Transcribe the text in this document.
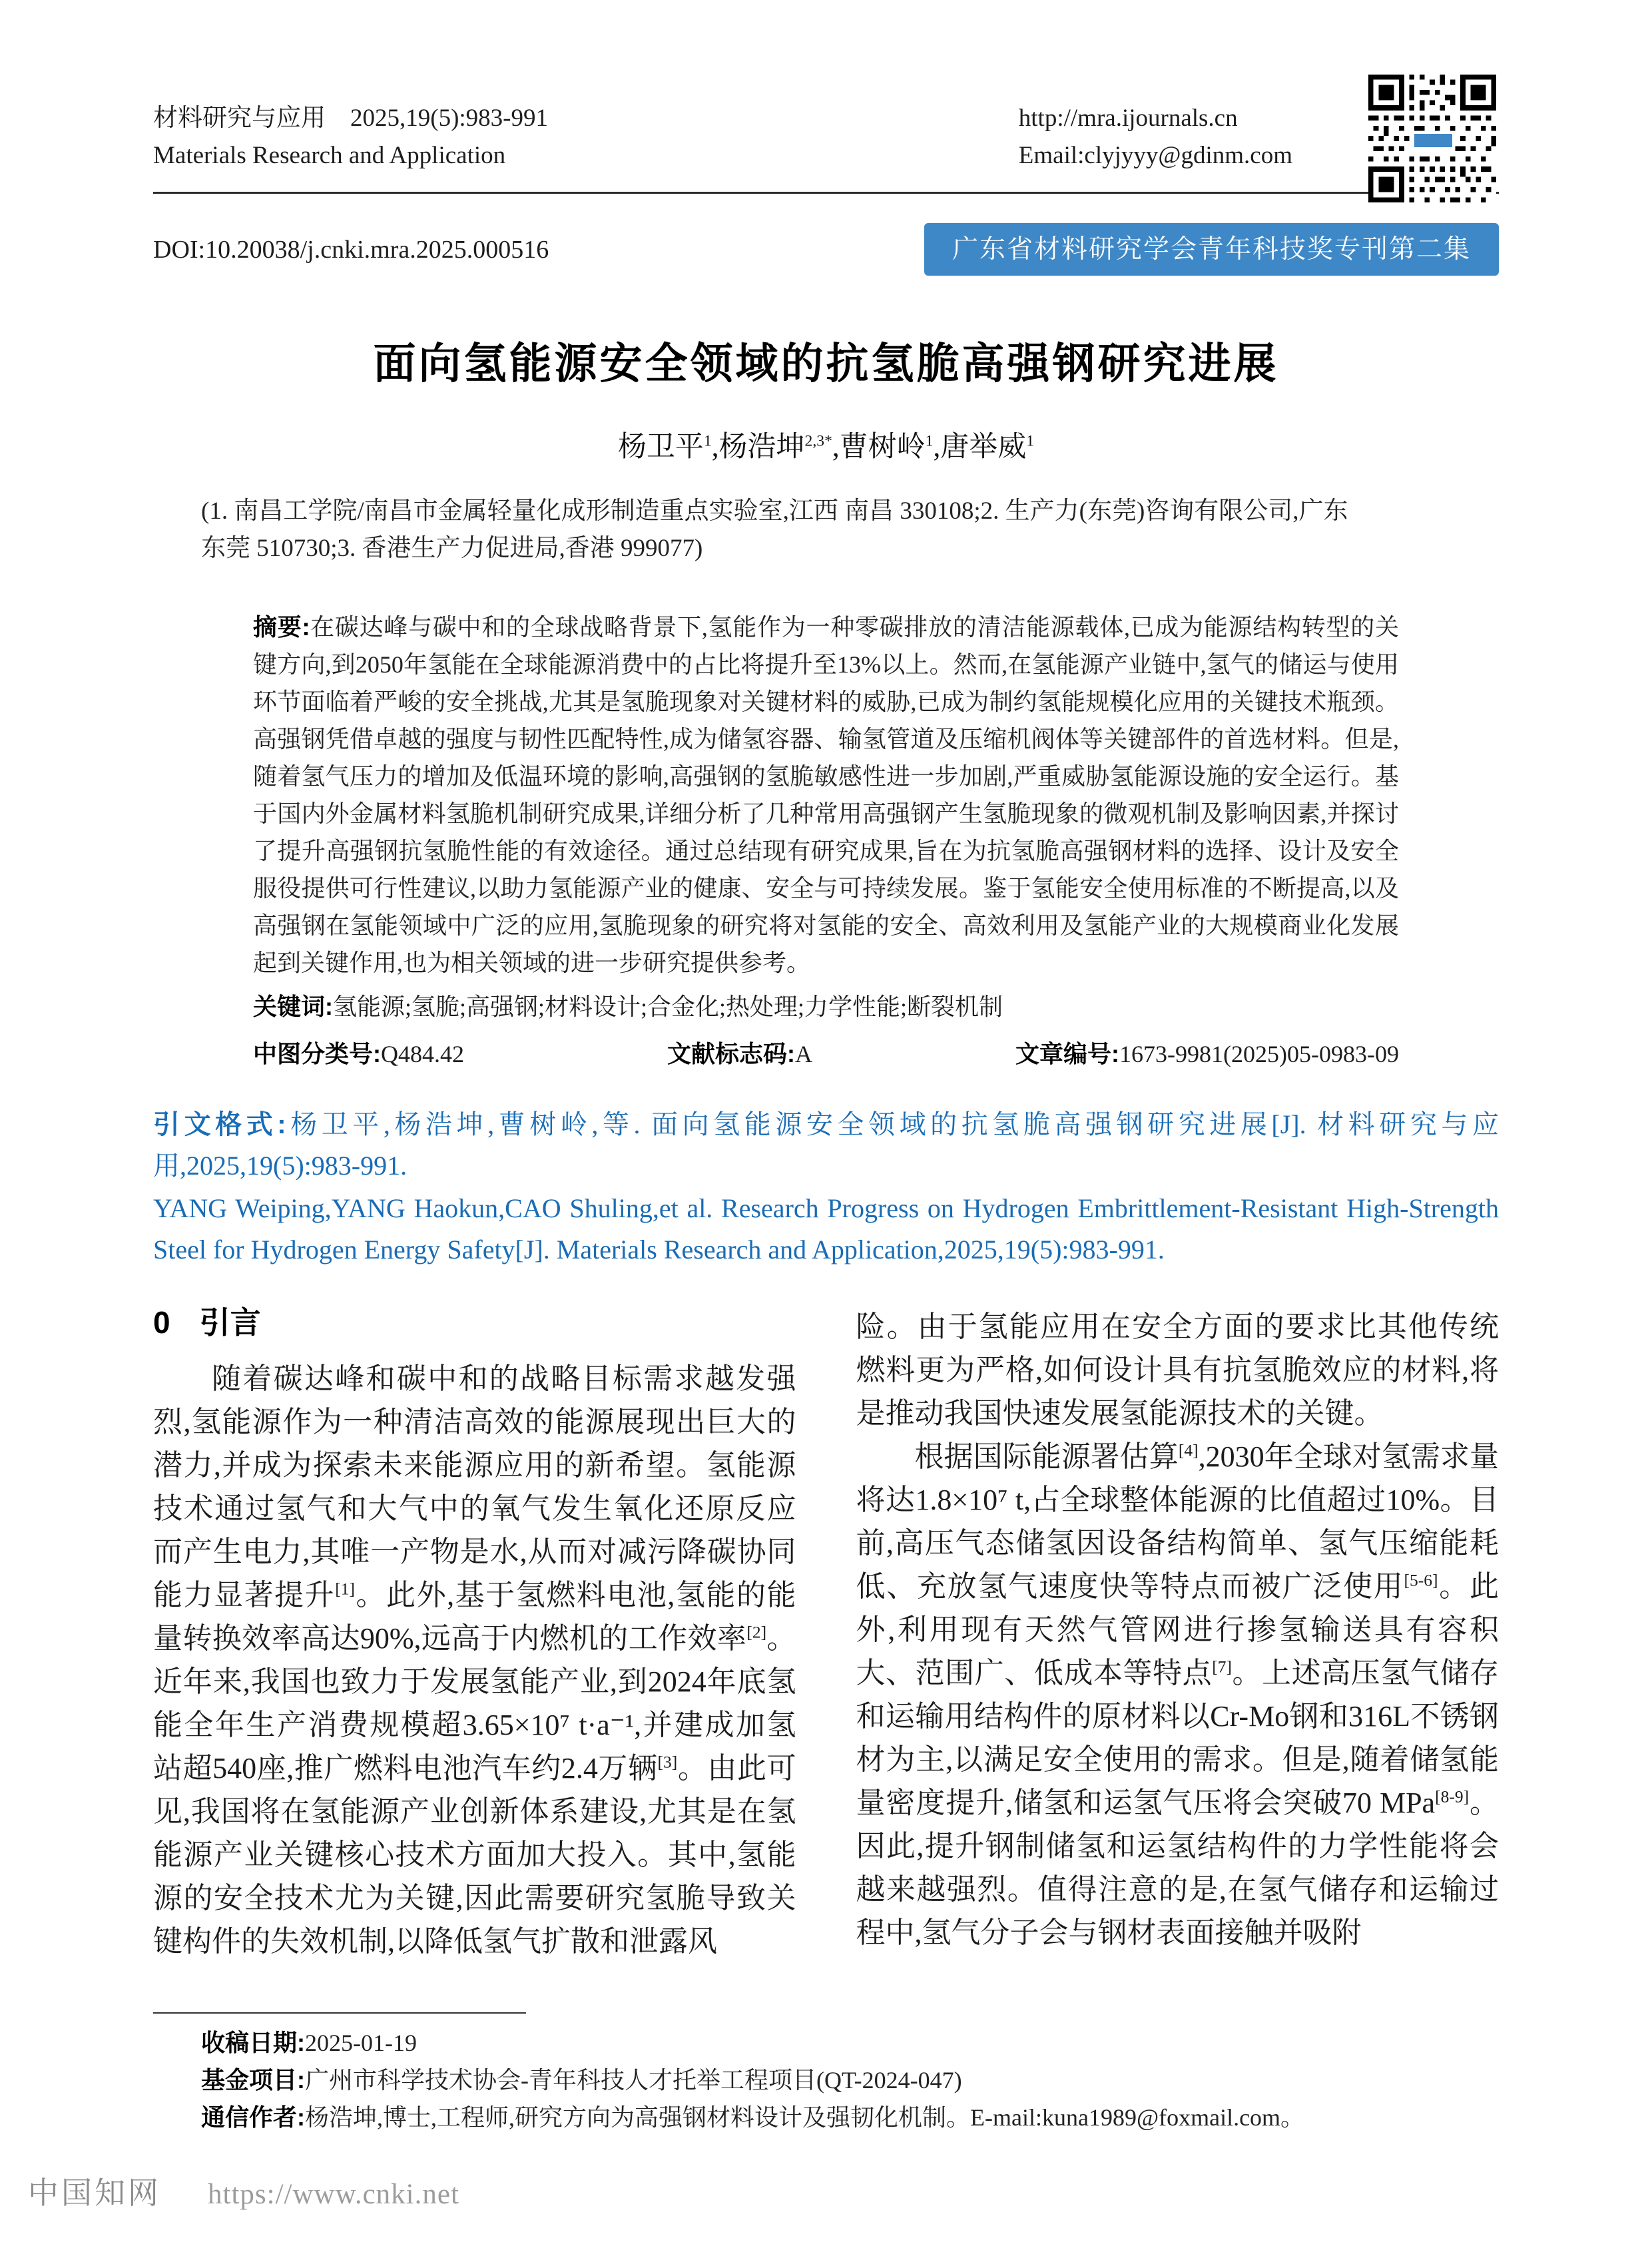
材料研究与应用　2025,19(5):983-991
Materials Research and Application
http://mra.ijournals.cn
Email:clyjyyy@gdinm.com
DOI:10.20038/j.cnki.mra.2025.000516	广东省材料研究学会青年科技奖专刊第二集
面向氢能源安全领域的抗氢脆高强钢研究进展
杨卫平$^1$,杨浩坤$^{2,3*}$,曹树岭$^1$,唐举威$^1$
(1. 南昌工学院/南昌市金属轻量化成形制造重点实验室,江西 南昌 330108;2. 生产力(东莞)咨询有限公司,广东
东莞 510730;3. 香港生产力促进局,香港 999077)
摘要:在碳达峰与碳中和的全球战略背景下,氢能作为一种零碳排放的清洁能源载体,已成为能源结构转型的关键方向,到2050年氢能在全球能源消费中的占比将提升至13%以上。然而,在氢能源产业链中,氢气的储运与使用环节面临着严峻的安全挑战,尤其是氢脆现象对关键材料的威胁,已成为制约氢能规模化应用的关键技术瓶颈。高强钢凭借卓越的强度与韧性匹配特性,成为储氢容器、输氢管道及压缩机阀体等关键部件的首选材料。但是,随着氢气压力的增加及低温环境的影响,高强钢的氢脆敏感性进一步加剧,严重威胁氢能源设施的安全运行。基于国内外金属材料氢脆机制研究成果,详细分析了几种常用高强钢产生氢脆现象的微观机制及影响因素,并探讨了提升高强钢抗氢脆性能的有效途径。通过总结现有研究成果,旨在为抗氢脆高强钢材料的选择、设计及安全服役提供可行性建议,以助力氢能源产业的健康、安全与可持续发展。鉴于氢能安全使用标准的不断提高,以及高强钢在氢能领域中广泛的应用,氢脆现象的研究将对氢能的安全、高效利用及氢能产业的大规模商业化发展起到关键作用,也为相关领域的进一步研究提供参考。
关键词:氢能源;氢脆;高强钢;材料设计;合金化;热处理;力学性能;断裂机制
中图分类号:Q484.42	文献标志码:A	文章编号:1673-9981(2025)05-0983-09
引文格式:杨卫平,杨浩坤,曹树岭,等. 面向氢能源安全领域的抗氢脆高强钢研究进展[J]. 材料研究与应用,2025,19(5):983-991.
YANG Weiping,YANG Haokun,CAO Shuling,et al. Research Progress on Hydrogen Embrittlement-Resistant High-Strength Steel for Hydrogen Energy Safety[J]. Materials Research and Application,2025,19(5):983-991.
0 引言
随着碳达峰和碳中和的战略目标需求越发强烈,氢能源作为一种清洁高效的能源展现出巨大的潜力,并成为探索未来能源应用的新希望。氢能源技术通过氢气和大气中的氧气发生氧化还原反应而产生电力,其唯一产物是水,从而对减污降碳协同能力显著提升[1]。此外,基于氢燃料电池,氢能的能量转换效率高达90%,远高于内燃机的工作效率[2]。近年来,我国也致力于发展氢能产业,到2024年底氢能全年生产消费规模超3.65×10⁷ t·a⁻¹,并建成加氢站超540座,推广燃料电池汽车约2.4万辆[3]。由此可见,我国将在氢能源产业创新体系建设,尤其是在氢能源产业关键核心技术方面加大投入。其中,氢能源的安全技术尤为关键,因此需要研究氢脆导致关键构件的失效机制,以降低氢气扩散和泄露风
险。由于氢能应用在安全方面的要求比其他传统燃料更为严格,如何设计具有抗氢脆效应的材料,将是推动我国快速发展氢能源技术的关键。
根据国际能源署估算[4],2030年全球对氢需求量将达1.8×10⁷ t,占全球整体能源的比值超过10%。目前,高压气态储氢因设备结构简单、氢气压缩能耗低、充放氢气速度快等特点而被广泛使用[5-6]。此外,利用现有天然气管网进行掺氢输送具有容积大、范围广、低成本等特点[7]。上述高压氢气储存和运输用结构件的原材料以Cr-Mo钢和316L不锈钢材为主,以满足安全使用的需求。但是,随着储氢能量密度提升,储氢和运氢气压将会突破70 MPa[8-9]。因此,提升钢制储氢和运氢结构件的力学性能将会越来越强烈。值得注意的是,在氢气储存和运输过程中,氢气分子会与钢材表面接触并吸附
收稿日期:2025-01-19
基金项目:广州市科学技术协会-青年科技人才托举工程项目(QT-2024-047)
通信作者:杨浩坤,博士,工程师,研究方向为高强钢材料设计及强韧化机制。E-mail:kuna1989@foxmail.com。
中国知网 https://www.cnki.net
